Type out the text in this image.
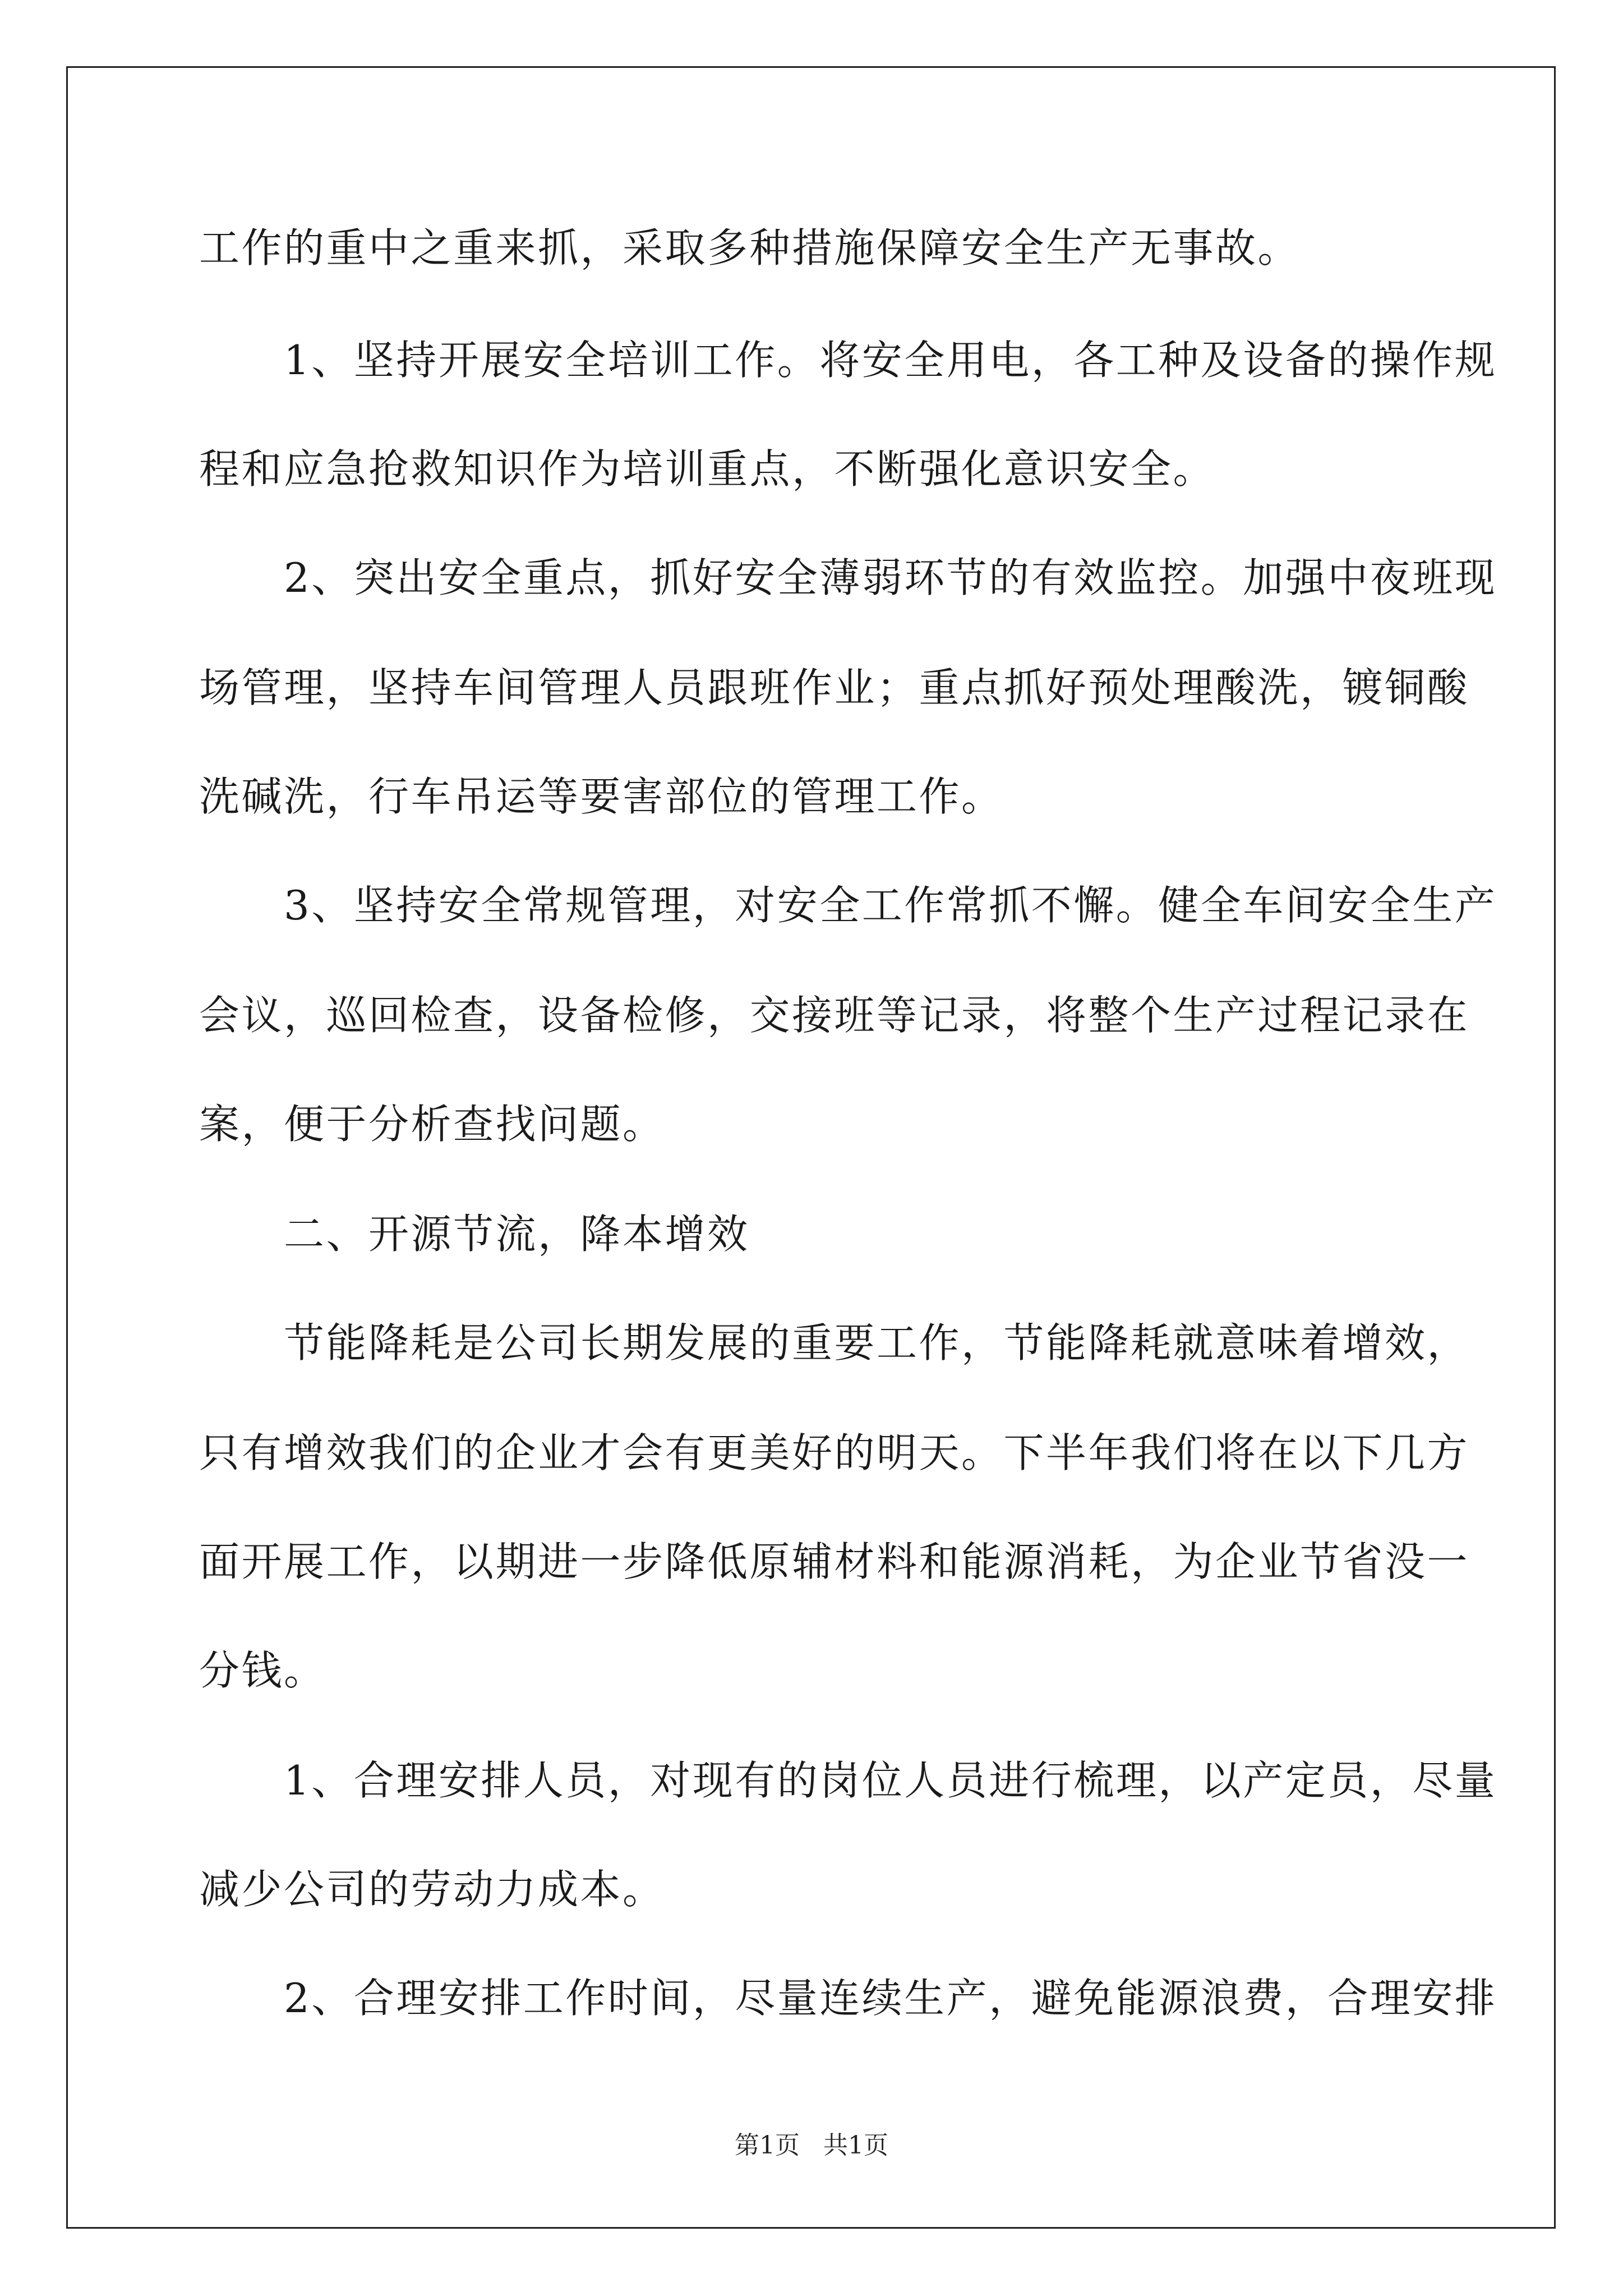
工作的重中之重来抓，采取多种措施保障安全生产无事故。
　　1、坚持开展安全培训工作。将安全用电，各工种及设备的操作规
程和应急抢救知识作为培训重点，不断强化意识安全。
　　2、突出安全重点，抓好安全薄弱环节的有效监控。加强中夜班现
场管理，坚持车间管理人员跟班作业；重点抓好预处理酸洗，镀铜酸
洗碱洗，行车吊运等要害部位的管理工作。
　　3、坚持安全常规管理，对安全工作常抓不懈。健全车间安全生产
会议，巡回检查，设备检修，交接班等记录，将整个生产过程记录在
案，便于分析查找问题。
　　二、开源节流，降本增效
　　节能降耗是公司长期发展的重要工作，节能降耗就意味着增效，
只有增效我们的企业才会有更美好的明天。下半年我们将在以下几方
面开展工作，以期进一步降低原辅材料和能源消耗，为企业节省没一
分钱。
　　1、合理安排人员，对现有的岗位人员进行梳理，以产定员，尽量
减少公司的劳动力成本。
　　2、合理安排工作时间，尽量连续生产，避免能源浪费，合理安排
第1页 共1页
